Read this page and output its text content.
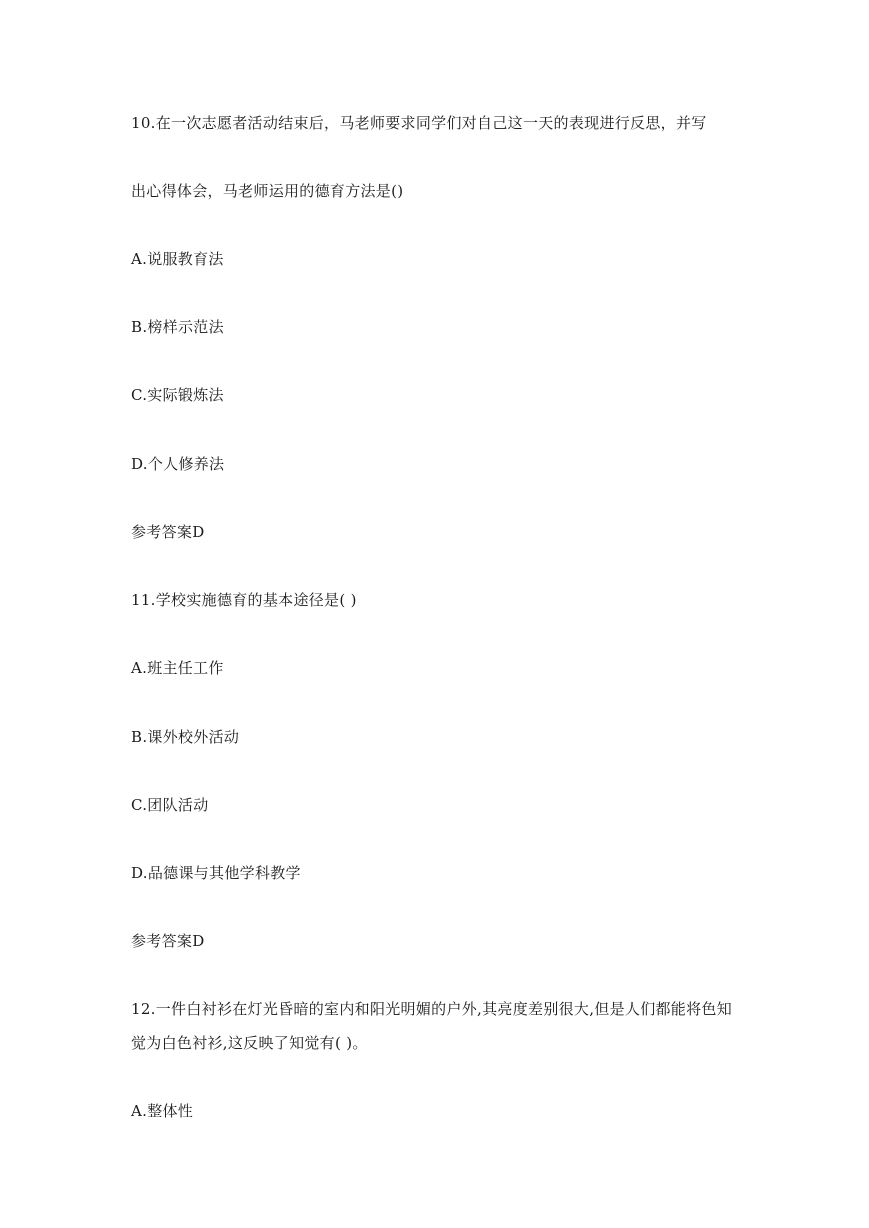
10.在一次志愿者活动结束后，马老师要求同学们对自己这一天的表现进行反思，并写
出心得体会，马老师运用的德育方法是()
A.说服教育法
B.榜样示范法
C.实际锻炼法
D.个人修养法
参考答案D
11.学校实施德育的基本途径是( )
A.班主任工作
B.课外校外活动
C.团队活动
D.品德课与其他学科教学
参考答案D
12.一件白衬衫在灯光昏暗的室内和阳光明媚的户外,其亮度差别很大,但是人们都能将色知
觉为白色衬衫,这反映了知觉有( )。
A.整体性
